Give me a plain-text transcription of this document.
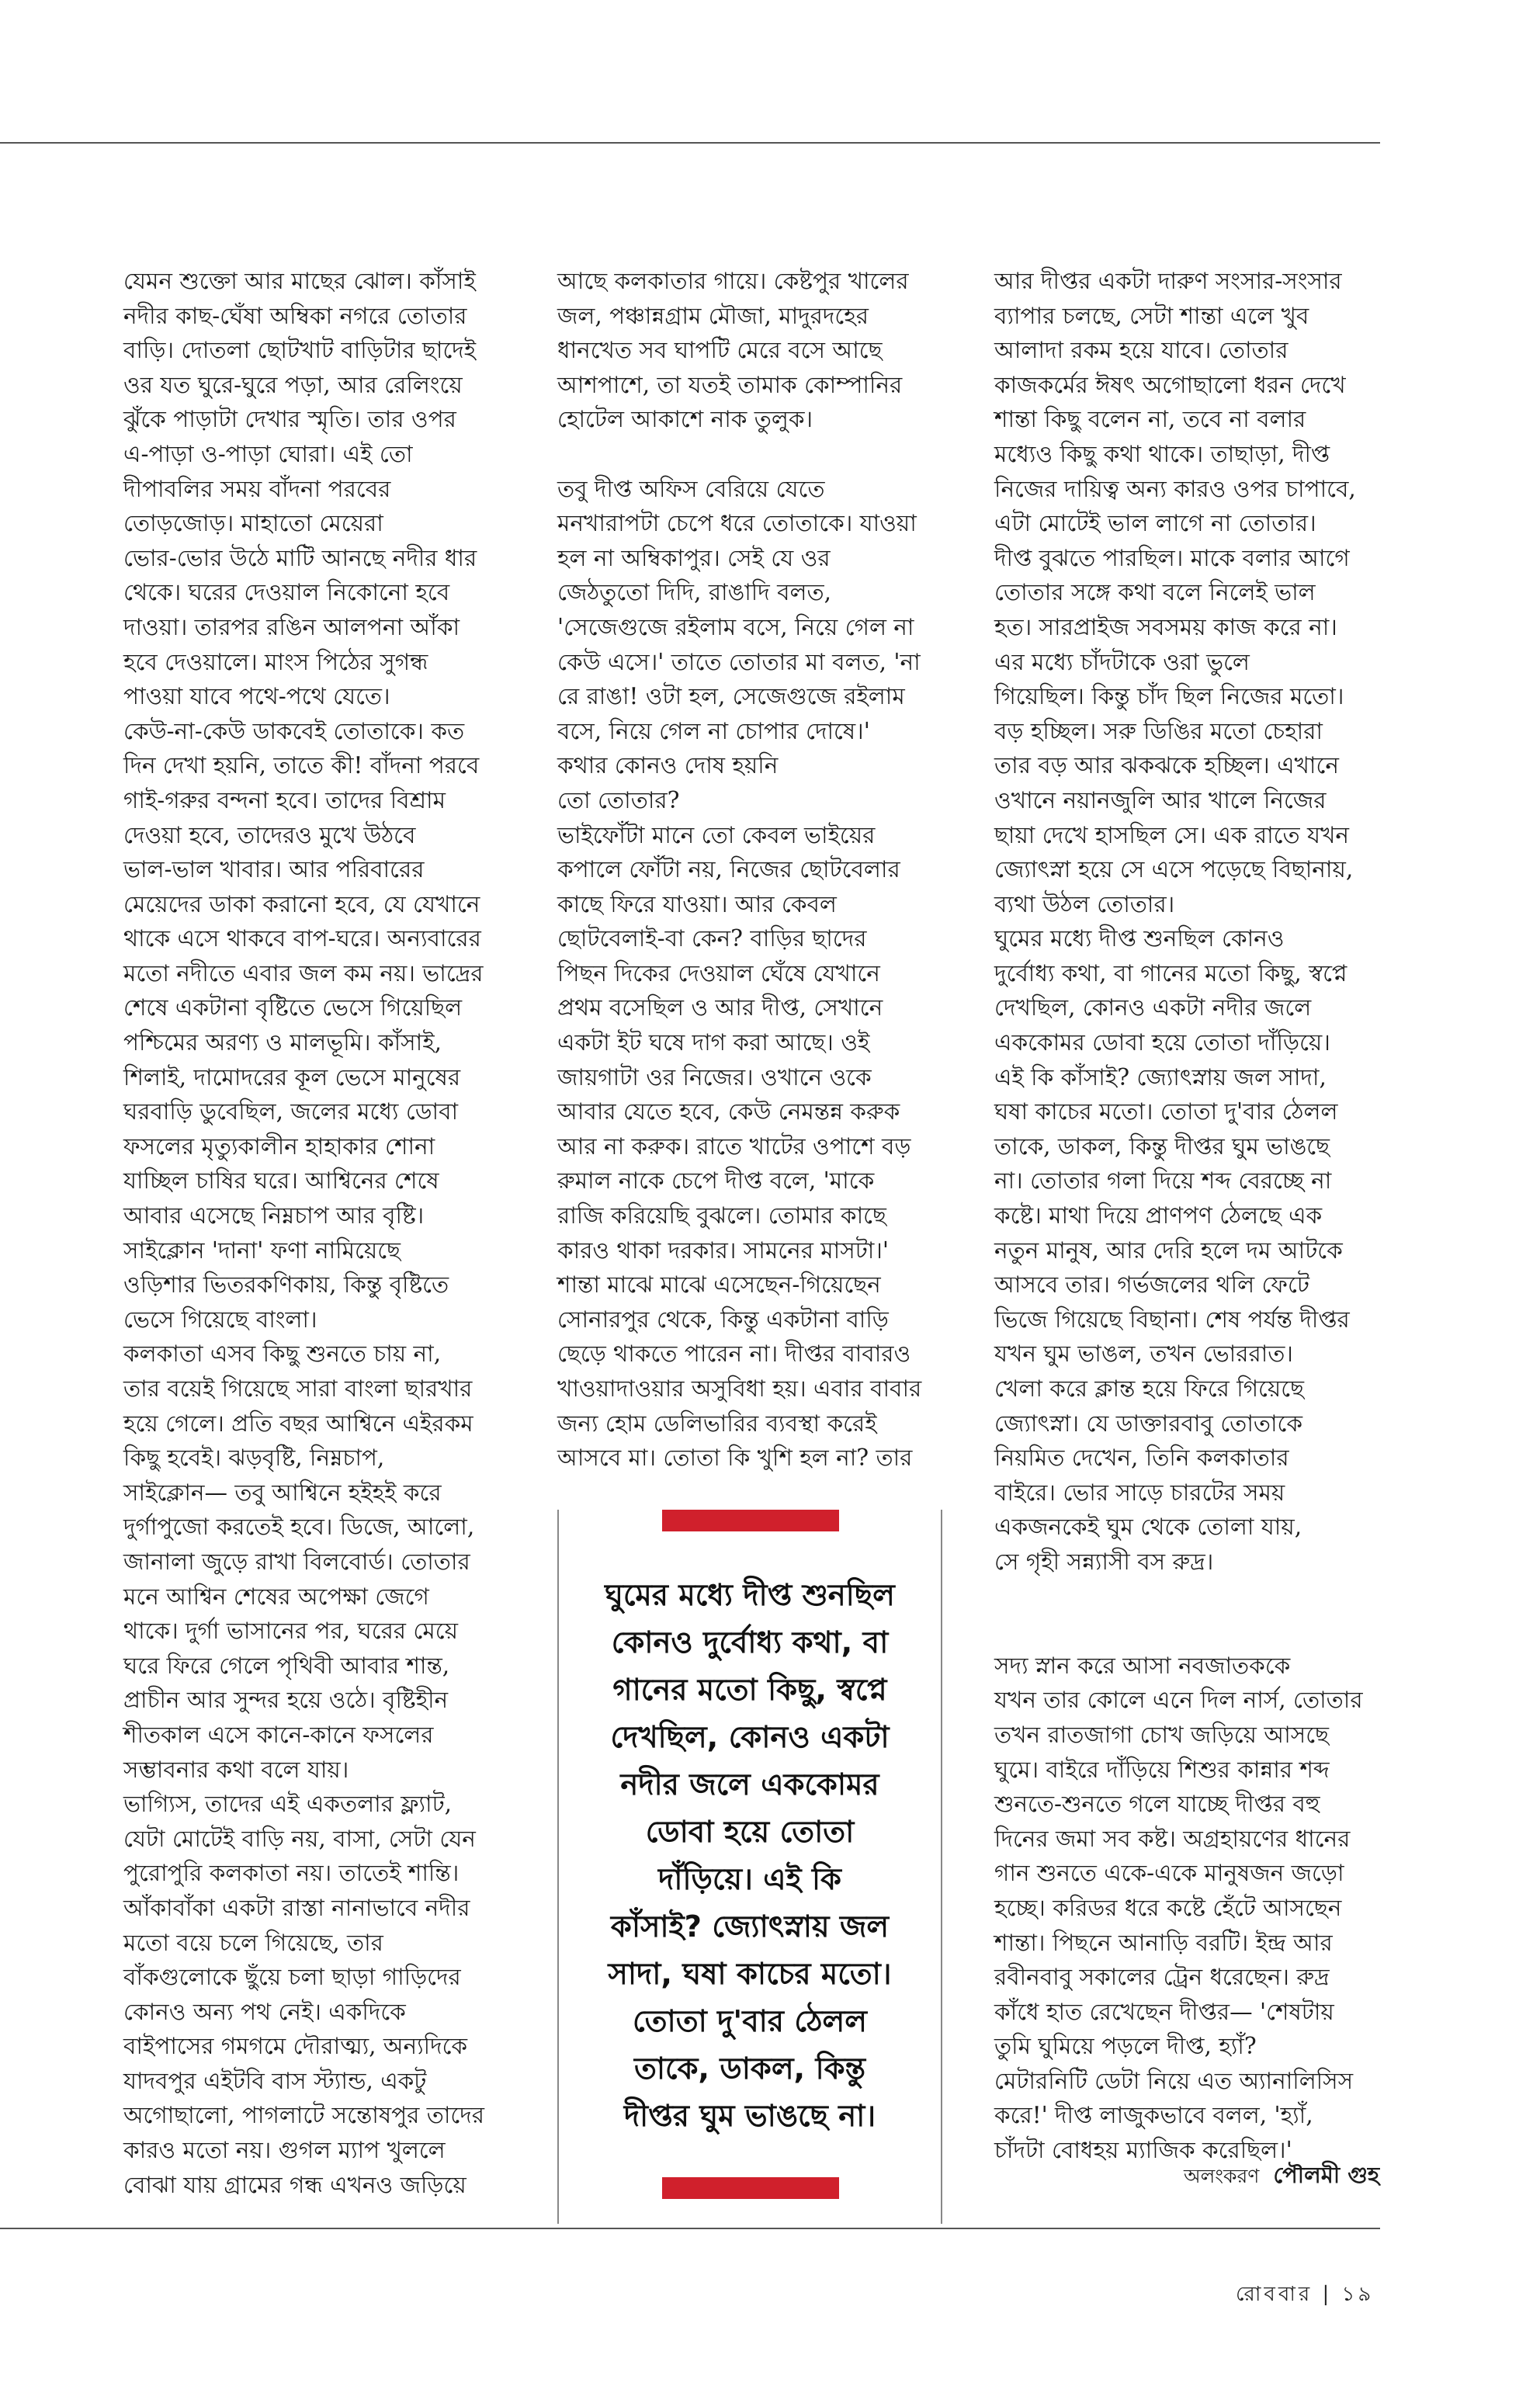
যেমন শুক্তো আর মাছের ঝোল। কাঁসাই

নদীর কাছ-ঘেঁষা অম্বিকা নগরে তোতার

বাড়ি। দোতলা ছোটখাট বাড়িটার ছাদেই

ওর যত ঘুরে-ঘুরে পড়া, আর রেলিংয়ে

ঝুঁকে পাড়াটা দেখার স্মৃতি। তার ওপর

এ-পাড়া ও-পাড়া ঘোরা। এই তো

দীপাবলির সময় বাঁদনা পরবের

তোড়জোড়। মাহাতো মেয়েরা

ভোর-ভোর উঠে মাটি আনছে নদীর ধার

থেকে। ঘরের দেওয়াল নিকোনো হবে

দাওয়া। তারপর রঙিন আলপনা আঁকা

হবে দেওয়ালে। মাংস পিঠের সুগন্ধ

পাওয়া যাবে পথে-পথে যেতে।

কেউ-না-কেউ ডাকবেই তোতাকে। কত

দিন দেখা হয়নি, তাতে কী! বাঁদনা পরবে

গাই-গরুর বন্দনা হবে। তাদের বিশ্রাম

দেওয়া হবে, তাদেরও মুখে উঠবে

ভাল-ভাল খাবার। আর পরিবারের

মেয়েদের ডাকা করানো হবে, যে যেখানে

থাকে এসে থাকবে বাপ-ঘরে। অন্যবারের

মতো নদীতে এবার জল কম নয়। ভাদ্রের

শেষে একটানা বৃষ্টিতে ভেসে গিয়েছিল

পশ্চিমের অরণ্য ও মালভূমি। কাঁসাই,

শিলাই, দামোদরের কূল ভেসে মানুষের

ঘরবাড়ি ডুবেছিল, জলের মধ্যে ডোবা

ফসলের মৃত্যুকালীন হাহাকার শোনা

যাচ্ছিল চাষির ঘরে। আশ্বিনের শেষে

আবার এসেছে নিম্নচাপ আর বৃষ্টি।

সাইক্লোন 'দানা' ফণা নামিয়েছে

ওড়িশার ভিতরকণিকায়, কিন্তু বৃষ্টিতে

ভেসে গিয়েছে বাংলা।

কলকাতা এসব কিছু শুনতে চায় না,

তার বয়েই গিয়েছে সারা বাংলা ছারখার

হয়ে গেলে। প্রতি বছর আশ্বিনে এইরকম

কিছু হবেই। ঝড়বৃষ্টি, নিম্নচাপ,

সাইক্লোন— তবু আশ্বিনে হইহই করে

দুর্গাপুজো করতেই হবে। ডিজে, আলো,

জানালা জুড়ে রাখা বিলবোর্ড। তোতার

মনে আশ্বিন শেষের অপেক্ষা জেগে

থাকে। দুর্গা ভাসানের পর, ঘরের মেয়ে

ঘরে ফিরে গেলে পৃথিবী আবার শান্ত,

প্রাচীন আর সুন্দর হয়ে ওঠে। বৃষ্টিহীন

শীতকাল এসে কানে-কানে ফসলের

সম্ভাবনার কথা বলে যায়।

ভাগ্যিস, তাদের এই একতলার ফ্ল্যাট,

যেটা মোটেই বাড়ি নয়, বাসা, সেটা যেন

পুরোপুরি কলকাতা নয়। তাতেই শান্তি।

আঁকাবাঁকা একটা রাস্তা নানাভাবে নদীর

মতো বয়ে চলে গিয়েছে, তার

বাঁকগুলোকে ছুঁয়ে চলা ছাড়া গাড়িদের

কোনও অন্য পথ নেই। একদিকে

বাইপাসের গমগমে দৌরাত্ম্য, অন্যদিকে

যাদবপুর এইটবি বাস স্ট্যান্ড, একটু

অগোছালো, পাগলাটে সন্তোষপুর তাদের

কারও মতো নয়। গুগল ম্যাপ খুললে

বোঝা যায় গ্রামের গন্ধ এখনও জড়িয়ে

আছে কলকাতার গায়ে। কেষ্টপুর খালের

জল, পঞ্চান্নগ্রাম মৌজা, মাদুরদহের

ধানখেত সব ঘাপটি মেরে বসে আছে

আশপাশে, তা যতই তামাক কোম্পানির

হোটেল আকাশে নাক তুলুক।

তবু দীপ্ত অফিস বেরিয়ে যেতে

মনখারাপটা চেপে ধরে তোতাকে। যাওয়া

হল না অম্বিকাপুর। সেই যে ওর

জেঠতুতো দিদি, রাঙাদি বলত,

'সেজেগুজে রইলাম বসে, নিয়ে গেল না

কেউ এসে।' তাতে তোতার মা বলত, 'না

রে রাঙা! ওটা হল, সেজেগুজে রইলাম

বসে, নিয়ে গেল না চোপার দোষে।'

কথার কোনও দোষ হয়নি

তো তোতার?

ভাইফোঁটা মানে তো কেবল ভাইয়ের

কপালে ফোঁটা নয়, নিজের ছোটবেলার

কাছে ফিরে যাওয়া। আর কেবল

ছোটবেলাই-বা কেন? বাড়ির ছাদের

পিছন দিকের দেওয়াল ঘেঁষে যেখানে

প্রথম বসেছিল ও আর দীপ্ত, সেখানে

একটা ইট ঘষে দাগ করা আছে। ওই

জায়গাটা ওর নিজের। ওখানে ওকে

আবার যেতে হবে, কেউ নেমন্তন্ন করুক

আর না করুক। রাতে খাটের ওপাশে বড়

রুমাল নাকে চেপে দীপ্ত বলে, 'মাকে

রাজি করিয়েছি বুঝলে। তোমার কাছে

কারও থাকা দরকার। সামনের মাসটা।'

শান্তা মাঝে মাঝে এসেছেন-গিয়েছেন

সোনারপুর থেকে, কিন্তু একটানা বাড়ি

ছেড়ে থাকতে পারেন না। দীপ্তর বাবারও

খাওয়াদাওয়ার অসুবিধা হয়। এবার বাবার

জন্য হোম ডেলিভারির ব্যবস্থা করেই

আসবে মা। তোতা কি খুশি হল না? তার

আর দীপ্তর একটা দারুণ সংসার-সংসার

ব্যাপার চলছে, সেটা শান্তা এলে খুব

আলাদা রকম হয়ে যাবে। তোতার

কাজকর্মের ঈষৎ অগোছালো ধরন দেখে

শান্তা কিছু বলেন না, তবে না বলার

মধ্যেও কিছু কথা থাকে। তাছাড়া, দীপ্ত

নিজের দায়িত্ব অন্য কারও ওপর চাপাবে,

এটা মোটেই ভাল লাগে না তোতার।

দীপ্ত বুঝতে পারছিল। মাকে বলার আগে

তোতার সঙ্গে কথা বলে নিলেই ভাল

হত। সারপ্রাইজ সবসময় কাজ করে না।

এর মধ্যে চাঁদটাকে ওরা ভুলে

গিয়েছিল। কিন্তু চাঁদ ছিল নিজের মতো।

বড় হচ্ছিল। সরু ডিঙির মতো চেহারা

তার বড় আর ঝকঝকে হচ্ছিল। এখানে

ওখানে নয়ানজুলি আর খালে নিজের

ছায়া দেখে হাসছিল সে। এক রাতে যখন

জ্যোৎস্না হয়ে সে এসে পড়েছে বিছানায়,

ব্যথা উঠল তোতার।

ঘুমের মধ্যে দীপ্ত শুনছিল কোনও

দুর্বোধ্য কথা, বা গানের মতো কিছু, স্বপ্নে

দেখছিল, কোনও একটা নদীর জলে

এককোমর ডোবা হয়ে তোতা দাঁড়িয়ে।

এই কি কাঁসাই? জ্যোৎস্নায় জল সাদা,

ঘষা কাচের মতো। তোতা দু'বার ঠেলল

তাকে, ডাকল, কিন্তু দীপ্তর ঘুম ভাঙছে

না। তোতার গলা দিয়ে শব্দ বেরচ্ছে না

কষ্টে। মাথা দিয়ে প্রাণপণ ঠেলছে এক

নতুন মানুষ, আর দেরি হলে দম আটকে

আসবে তার। গর্ভজলের থলি ফেটে

ভিজে গিয়েছে বিছানা। শেষ পর্যন্ত দীপ্তর

যখন ঘুম ভাঙল, তখন ভোররাত।

খেলা করে ক্লান্ত হয়ে ফিরে গিয়েছে

জ্যোৎস্না। যে ডাক্তারবাবু তোতাকে

নিয়মিত দেখেন, তিনি কলকাতার

বাইরে। ভোর সাড়ে চারটের সময়

একজনকেই ঘুম থেকে তোলা যায়,

সে গৃহী সন্ন্যাসী বস রুদ্র।

সদ্য স্নান করে আসা নবজাতককে

যখন তার কোলে এনে দিল নার্স, তোতার

তখন রাতজাগা চোখ জড়িয়ে আসছে

ঘুমে। বাইরে দাঁড়িয়ে শিশুর কান্নার শব্দ

শুনতে-শুনতে গলে যাচ্ছে দীপ্তর বহু

দিনের জমা সব কষ্ট। অগ্রহায়ণের ধানের

গান শুনতে একে-একে মানুষজন জড়ো

হচ্ছে। করিডর ধরে কষ্টে হেঁটে আসছেন

শান্তা। পিছনে আনাড়ি বরটি। ইন্দ্র আর

রবীনবাবু সকালের ট্রেন ধরেছেন। রুদ্র

কাঁধে হাত রেখেছেন দীপ্তর— 'শেষটায়

তুমি ঘুমিয়ে পড়লে দীপ্ত, হ্যাঁ?

মেটারনিটি ডেটা নিয়ে এত অ্যানালিসিস

করে!' দীপ্ত লাজুকভাবে বলল, 'হ্যাঁ,

চাঁদটা বোধহয় ম্যাজিক করেছিল।'

ঘুমের মধ্যে দীপ্ত শুনছিল
কোনও দুর্বোধ্য কথা, বা
গানের মতো কিছু, স্বপ্নে
দেখছিল, কোনও একটা
নদীর জলে এককোমর
ডোবা হয়ে তোতা
দাঁড়িয়ে। এই কি
কাঁসাই? জ্যোৎস্নায় জল
সাদা, ঘষা কাচের মতো।
তোতা দু'বার ঠেলল
তাকে, ডাকল, কিন্তু
দীপ্তর ঘুম ভাঙছে না।
অলংকরণ পৌলমী গুহ
রোববার | ১৯
